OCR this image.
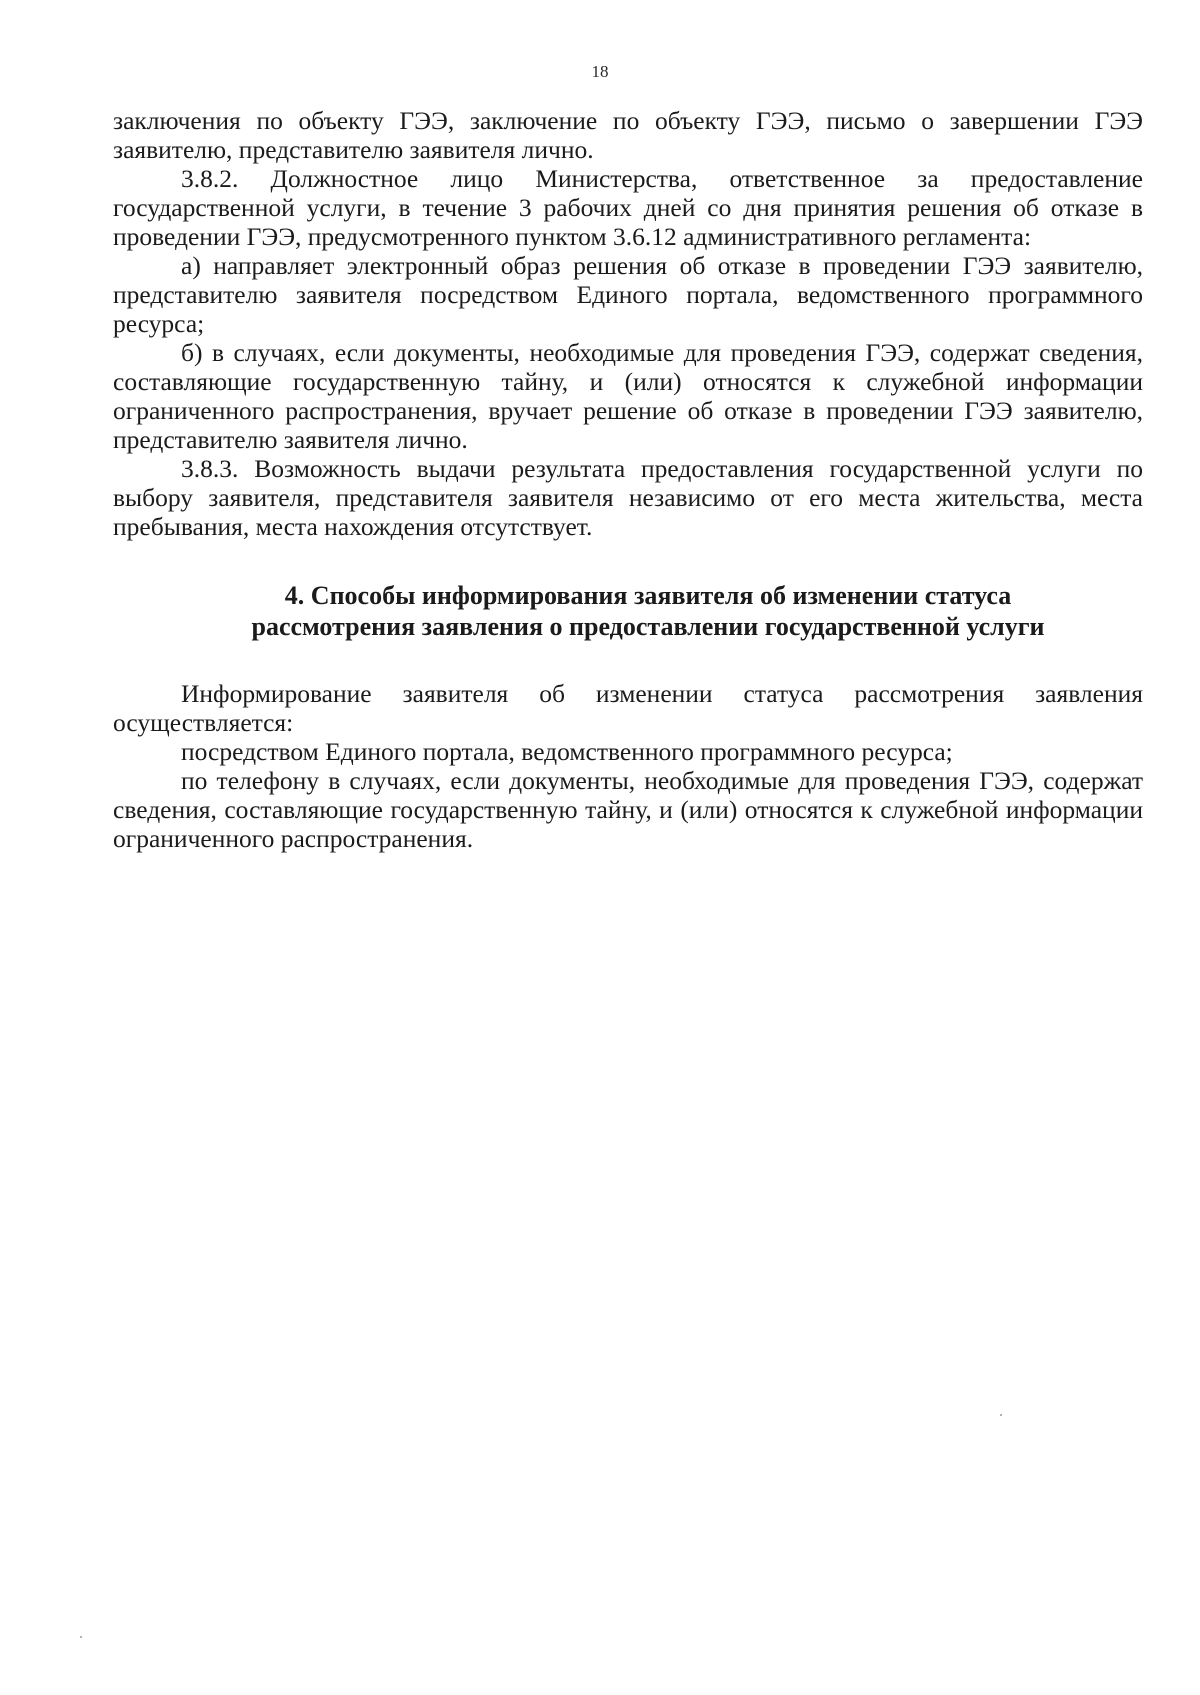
18

заключения по объекту ГЭЭ, заключение по объекту ГЭЭ, письмо о завершении ГЭЭ заявителю, представителю заявителя лично.

3.8.2. Должностное лицо Министерства, ответственное за предоставление государственной услуги, в течение 3 рабочих дней со дня принятия решения об отказе в проведении ГЭЭ, предусмотренного пунктом 3.6.12 административного регламента:

а) направляет электронный образ решения об отказе в проведении ГЭЭ заявителю, представителю заявителя посредством Единого портала, ведомственного программного ресурса;

б) в случаях, если документы, необходимые для проведения ГЭЭ, содержат сведения, составляющие государственную тайну, и (или) относятся к служебной информации ограниченного распространения, вручает решение об отказе в проведении ГЭЭ заявителю, представителю заявителя лично.

3.8.3. Возможность выдачи результата предоставления государственной услуги по выбору заявителя, представителя заявителя независимо от его места жительства, места пребывания, места нахождения отсутствует.

4. Способы информирования заявителя об изменении статуса
рассмотрения заявления о предоставлении государственной услуги

Информирование заявителя об изменении статуса рассмотрения заявления осуществляется:

посредством Единого портала, ведомственного программного ресурса;

по телефону в случаях, если документы, необходимые для проведения ГЭЭ, содержат сведения, составляющие государственную тайну, и (или) относятся к служебной информации ограниченного распространения.
